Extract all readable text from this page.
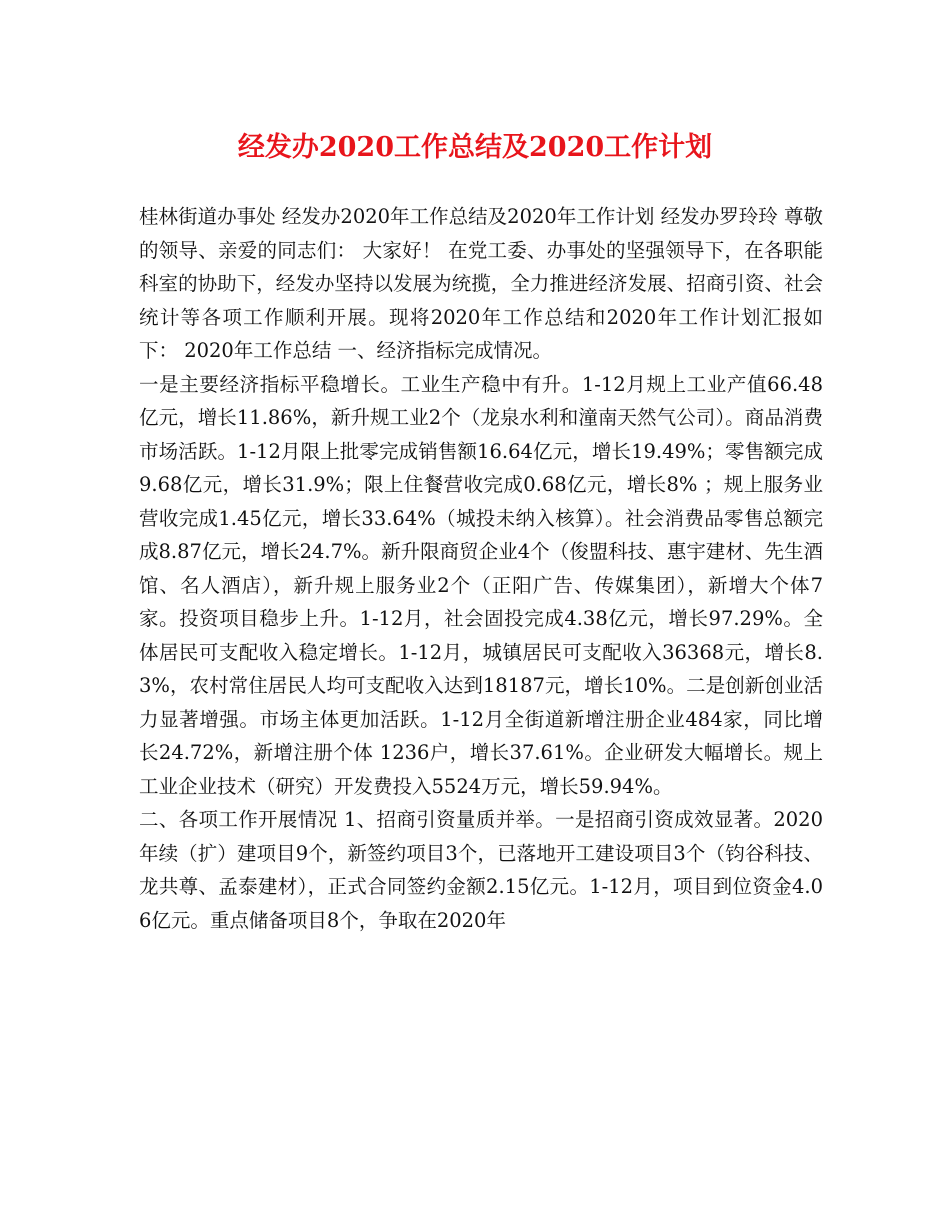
经发办2020工作总结及2020工作计划

桂林街道办事处 经发办2020年工作总结及2020年工作计划 经发办罗玲玲 尊敬的领导、亲爱的同志们： 大家好！ 在党工委、办事处的坚强领导下，在各职能科室的协助下，经发办坚持以发展为统揽，全力推进经济发展、招商引资、社会统计等各项工作顺利开展。现将2020年工作总结和2020年工作计划汇报如下： 2020年工作总结 一、经济指标完成情况。

一是主要经济指标平稳增长。工业生产稳中有升。1-12月规上工业产值66.48亿元，增长11.86%，新升规工业2个（龙泉水利和潼南天然气公司）。商品消费市场活跃。1-12月限上批零完成销售额16.64亿元，增长19.49%；零售额完成9.68亿元，增长31.9%；限上住餐营收完成0.68亿元，增长8% ；规上服务业营收完成1.45亿元，增长33.64%（城投未纳入核算）。社会消费品零售总额完成8.87亿元，增长24.7%。新升限商贸企业4个（俊盟科技、惠宇建材、先生酒馆、名人酒店），新升规上服务业2个（正阳广告、传媒集团），新增大个体7家。投资项目稳步上升。1-12月，社会固投完成4.38亿元，增长97.29%。全体居民可支配收入稳定增长。1-12月，城镇居民可支配收入36368元，增长8.3%，农村常住居民人均可支配收入达到18187元，增长10%。二是创新创业活力显著增强。市场主体更加活跃。1-12月全街道新增注册企业484家，同比增长24.72%，新增注册个体 1236户，增长37.61%。企业研发大幅增长。规上工业企业技术（研究）开发费投入5524万元，增长59.94%。

二、各项工作开展情况 1、招商引资量质并举。一是招商引资成效显著。2020年续（扩）建项目9个，新签约项目3个，已落地开工建设项目3个（钧谷科技、龙共尊、孟泰建材），正式合同签约金额2.15亿元。1-12月，项目到位资金4.06亿元。重点储备项目8个，争取在2020年
